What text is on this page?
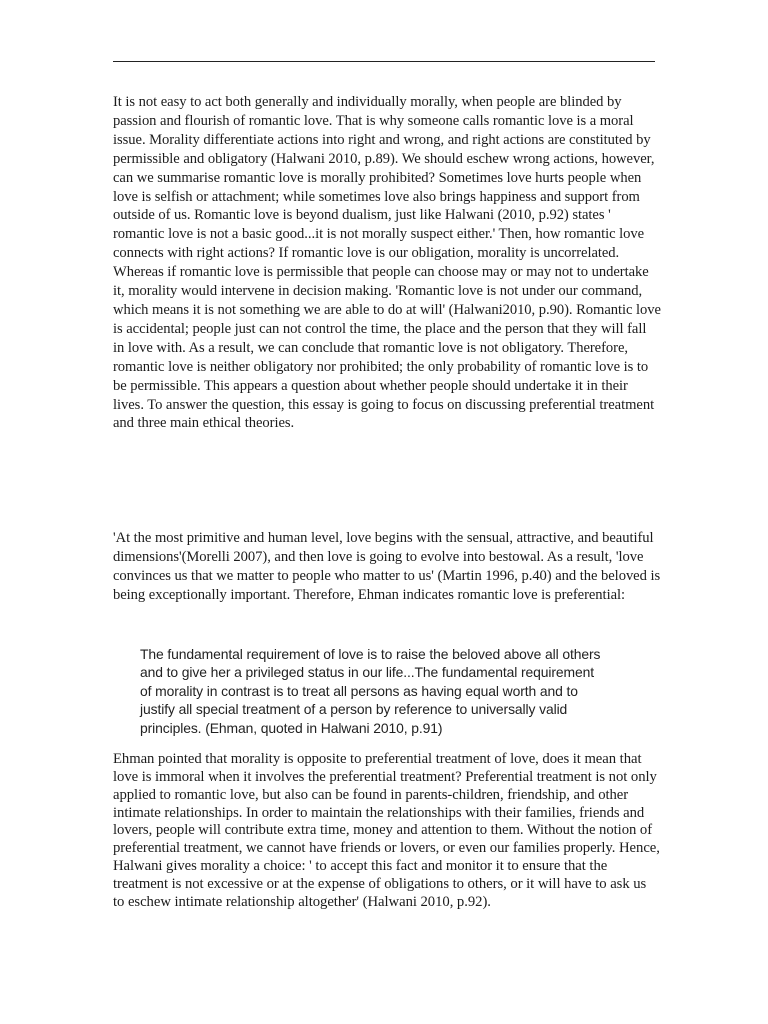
It is not easy to act both generally and individually morally, when people are blinded by passion and flourish of romantic love. That is why someone calls romantic love is a moral issue. Morality differentiate actions into right and wrong, and right actions are constituted by permissible and obligatory (Halwani 2010, p.89). We should eschew wrong actions, however, can we summarise romantic love is morally prohibited? Sometimes love hurts people when love is selfish or attachment; while sometimes love also brings happiness and support from outside of us. Romantic love is beyond dualism, just like Halwani (2010, p.92) states ' romantic love is not a basic good...it is not morally suspect either.' Then, how romantic love connects with right actions? If romantic love is our obligation, morality is uncorrelated. Whereas if romantic love is permissible that people can choose may or may not to undertake it, morality would intervene in decision making. 'Romantic love is not under our command, which means it is not something we are able to do at will' (Halwani2010, p.90). Romantic love is accidental; people just can not control the time, the place and the person that they will fall in love with. As a result, we can conclude that romantic love is not obligatory. Therefore, romantic love is neither obligatory nor prohibited; the only probability of romantic love is to be permissible. This appears a question about whether people should undertake it in their lives. To answer the question, this essay is going to focus on discussing preferential treatment and three main ethical theories.

'At the most primitive and human level, love begins with the sensual, attractive, and beautiful dimensions'(Morelli 2007), and then love is going to evolve into bestowal. As a result, 'love convinces us that we matter to people who matter to us' (Martin 1996, p.40) and the beloved is being exceptionally important. Therefore, Ehman indicates romantic love is preferential:

The fundamental requirement of love is to raise the beloved above all others and to give her a privileged status in our life...The fundamental requirement of morality in contrast is to treat all persons as having equal worth and to justify all special treatment of a person by reference to universally valid principles. (Ehman, quoted in Halwani 2010, p.91)

Ehman pointed that morality is opposite to preferential treatment of love, does it mean that love is immoral when it involves the preferential treatment? Preferential treatment is not only applied to romantic love, but also can be found in parents-children, friendship, and other intimate relationships. In order to maintain the relationships with their families, friends and lovers, people will contribute extra time, money and attention to them. Without the notion of preferential treatment, we cannot have friends or lovers, or even our families properly. Hence, Halwani gives morality a choice: ' to accept this fact and monitor it to ensure that the treatment is not excessive or at the expense of obligations to others, or it will have to ask us to eschew intimate relationship altogether' (Halwani 2010, p.92).
